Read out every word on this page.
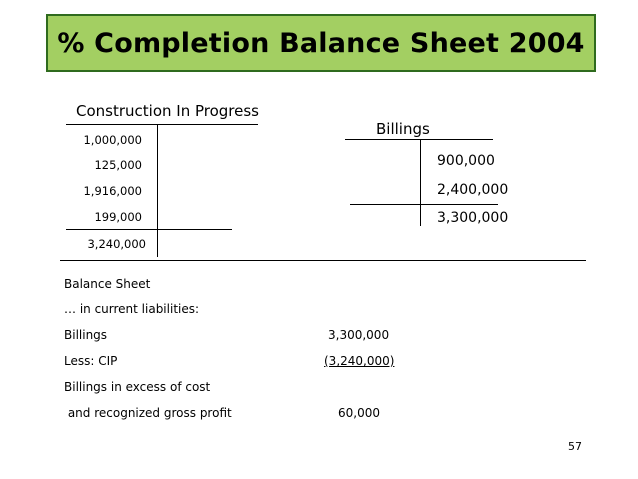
% Completion Balance Sheet 2004
Construction In Progress
1,000,000
125,000
1,916,000
199,000
3,240,000
Billings
900,000
2,400,000
3,300,000
Balance Sheet
… in current liabilities:
Billings	3,300,000
Less: CIP	(3,240,000)
Billings in excess of cost
and recognized gross profit	60,000
57
